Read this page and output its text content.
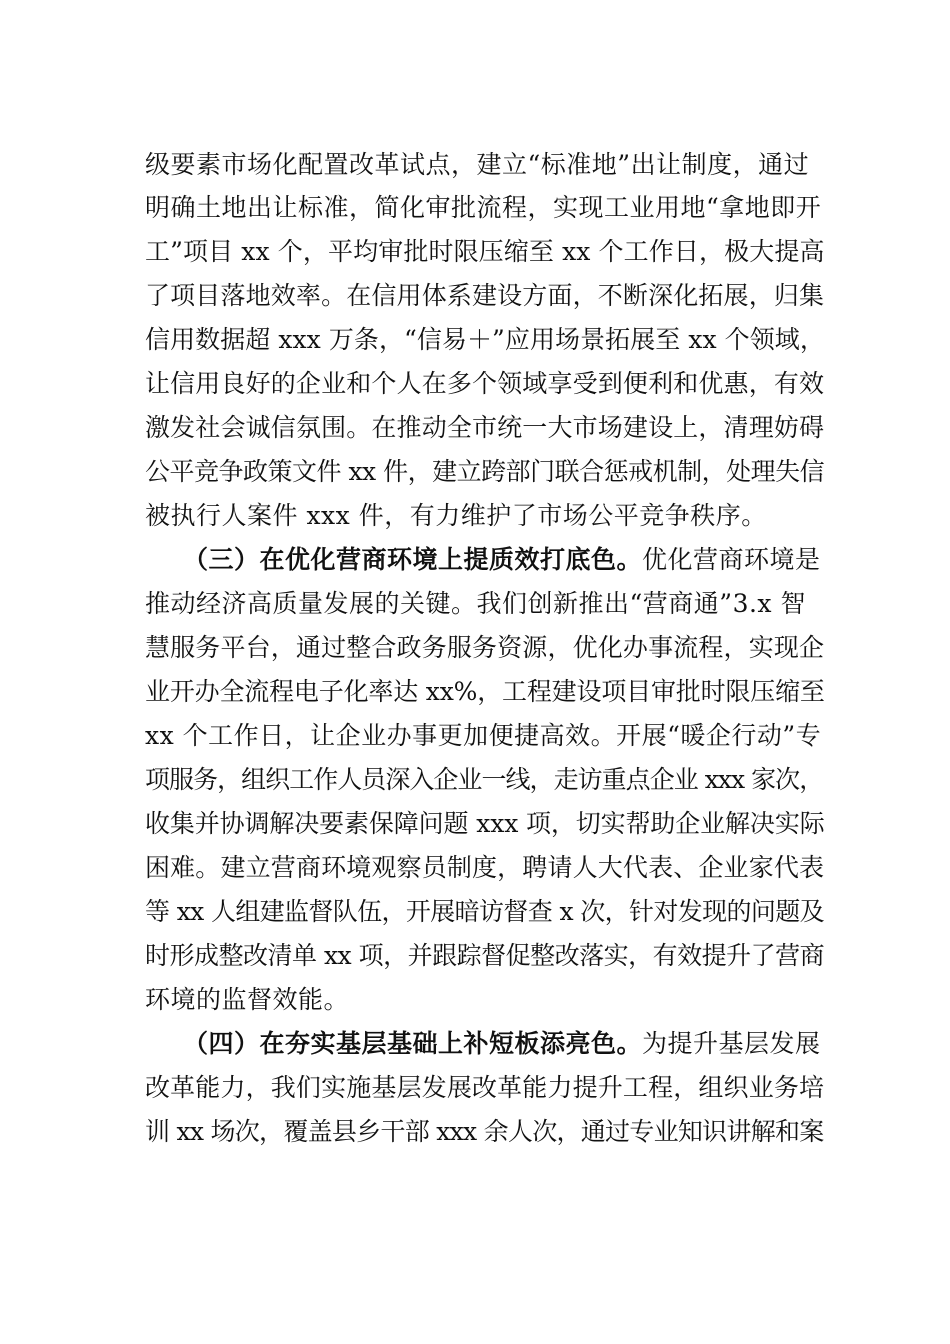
级要素市场化配置改革试点，建立“标准地”出让制度，通过
明确土地出让标准，简化审批流程，实现工业用地“拿地即开
工”项目 xx 个，平均审批时限压缩至 xx 个工作日，极大提高
了项目落地效率。在信用体系建设方面，不断深化拓展，归集
信用数据超 xxx 万条，“信易＋”应用场景拓展至 xx 个领域，
让信用良好的企业和个人在多个领域享受到便利和优惠，有效
激发社会诚信氛围。在推动全市统一大市场建设上，清理妨碍
公平竞争政策文件 xx 件，建立跨部门联合惩戒机制，处理失信
被执行人案件 xxx 件，有力维护了市场公平竞争秩序。
（三）在优化营商环境上提质效打底色。优化营商环境是
推动经济高质量发展的关键。我们创新推出“营商通”3.x 智
慧服务平台，通过整合政务服务资源，优化办事流程，实现企
业开办全流程电子化率达 xx%，工程建设项目审批时限压缩至
xx 个工作日，让企业办事更加便捷高效。开展“暖企行动”专
项服务，组织工作人员深入企业一线，走访重点企业 xxx 家次，
收集并协调解决要素保障问题 xxx 项，切实帮助企业解决实际
困难。建立营商环境观察员制度，聘请人大代表、企业家代表
等 xx 人组建监督队伍，开展暗访督查 x 次，针对发现的问题及
时形成整改清单 xx 项，并跟踪督促整改落实，有效提升了营商
环境的监督效能。
（四）在夯实基层基础上补短板添亮色。为提升基层发展
改革能力，我们实施基层发展改革能力提升工程，组织业务培
训 xx 场次，覆盖县乡干部 xxx 余人次，通过专业知识讲解和案
